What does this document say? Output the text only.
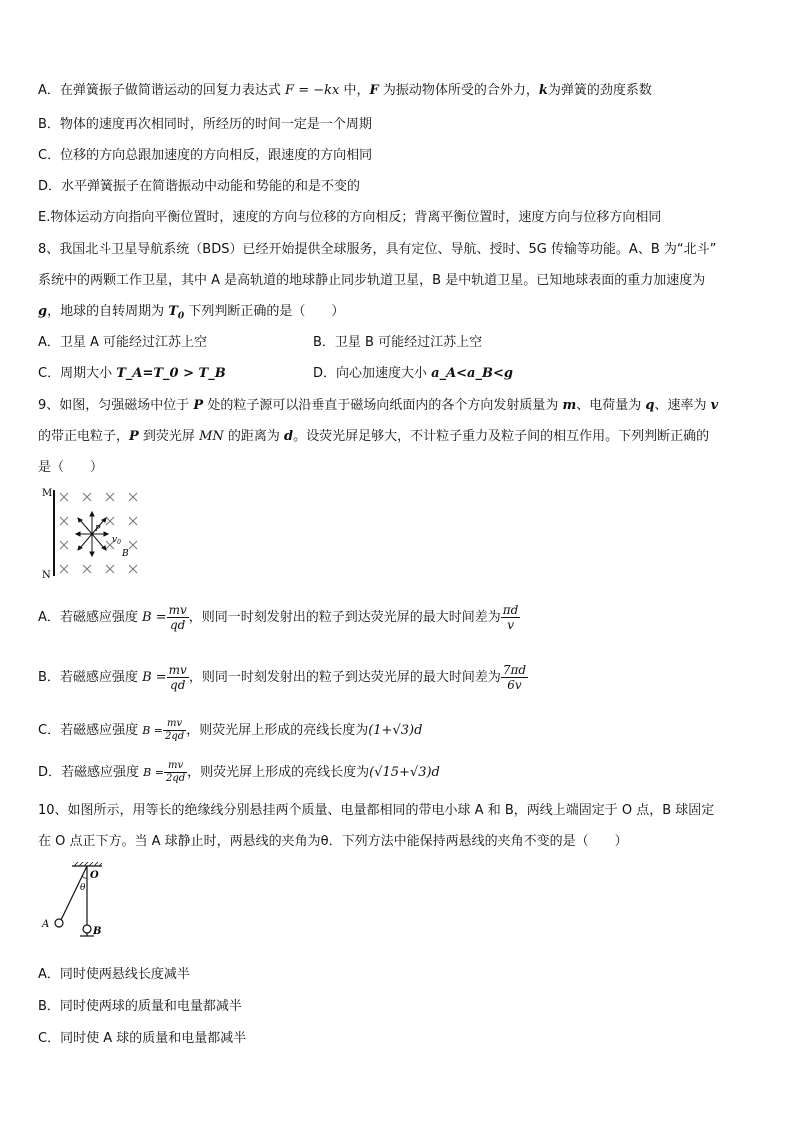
A．在弹簧振子做简谐运动的回复力表达式 F = −kx 中，F 为振动物体所受的合外力，k为弹簧的劲度系数
B．物体的速度再次相同时，所经历的时间一定是一个周期
C．位移的方向总跟加速度的方向相反，跟速度的方向相同
D．水平弹簧振子在简谐振动中动能和势能的和是不变的
E.物体运动方向指向平衡位置时，速度的方向与位移的方向相反；背离平衡位置时，速度方向与位移方向相同
8、我国北斗卫星导航系统（BDS）已经开始提供全球服务，具有定位、导航、授时、5G 传输等功能。A、B 为“北斗”
系统中的两颗工作卫星，其中 A 是高轨道的地球静止同步轨道卫星，B 是中轨道卫星。已知地球表面的重力加速度为
g，地球的自转周期为 $T_0$ 下列判断正确的是（　　）
A．卫星 A 可能经过江苏上空	B．卫星 B 可能经过江苏上空
C．周期大小 T_A=T_0 > T_B	D．向心加速度大小 a_A<a_B<g
9、如图，匀强磁场中位于 P 处的粒子源可以沿垂直于磁场向纸面内的各个方向发射质量为 m、电荷量为 q、速率为 v
的带正电粒子，P 到荧光屏 MN 的距离为 d。设荧光屏足够大，不计粒子重力及粒子间的相互作用。下列判断正确的
是（　　）
M
N
P
$v_0$
B
A．若磁感应强度 $B = \frac{mv}{qd}$ ，则同一时刻发射出的粒子到达荧光屏的最大时间差为 $\frac{\pi d}{v}$
B．若磁感应强度 $B = \frac{mv}{qd}$ ，则同一时刻发射出的粒子到达荧光屏的最大时间差为 $\frac{7\pi d}{6v}$
C．若磁感应强度 $B = \frac{mv}{2qd}$ ，则荧光屏上形成的亮线长度为(1+√3)d
D．若磁感应强度 $B = \frac{mv}{2qd}$ ，则荧光屏上形成的亮线长度为(√15+√3)d
10、如图所示，用等长的绝缘线分别悬挂两个质量、电量都相同的带电小球 A 和 B，两线上端固定于 O 点，B 球固定
在 O 点正下方。当 A 球静止时，两悬线的夹角为θ．下列方法中能保持两悬线的夹角不变的是（　　）
O
θ
A
B
A．同时使两悬线长度减半
B．同时使两球的质量和电量都减半
C．同时使 A 球的质量和电量都减半
